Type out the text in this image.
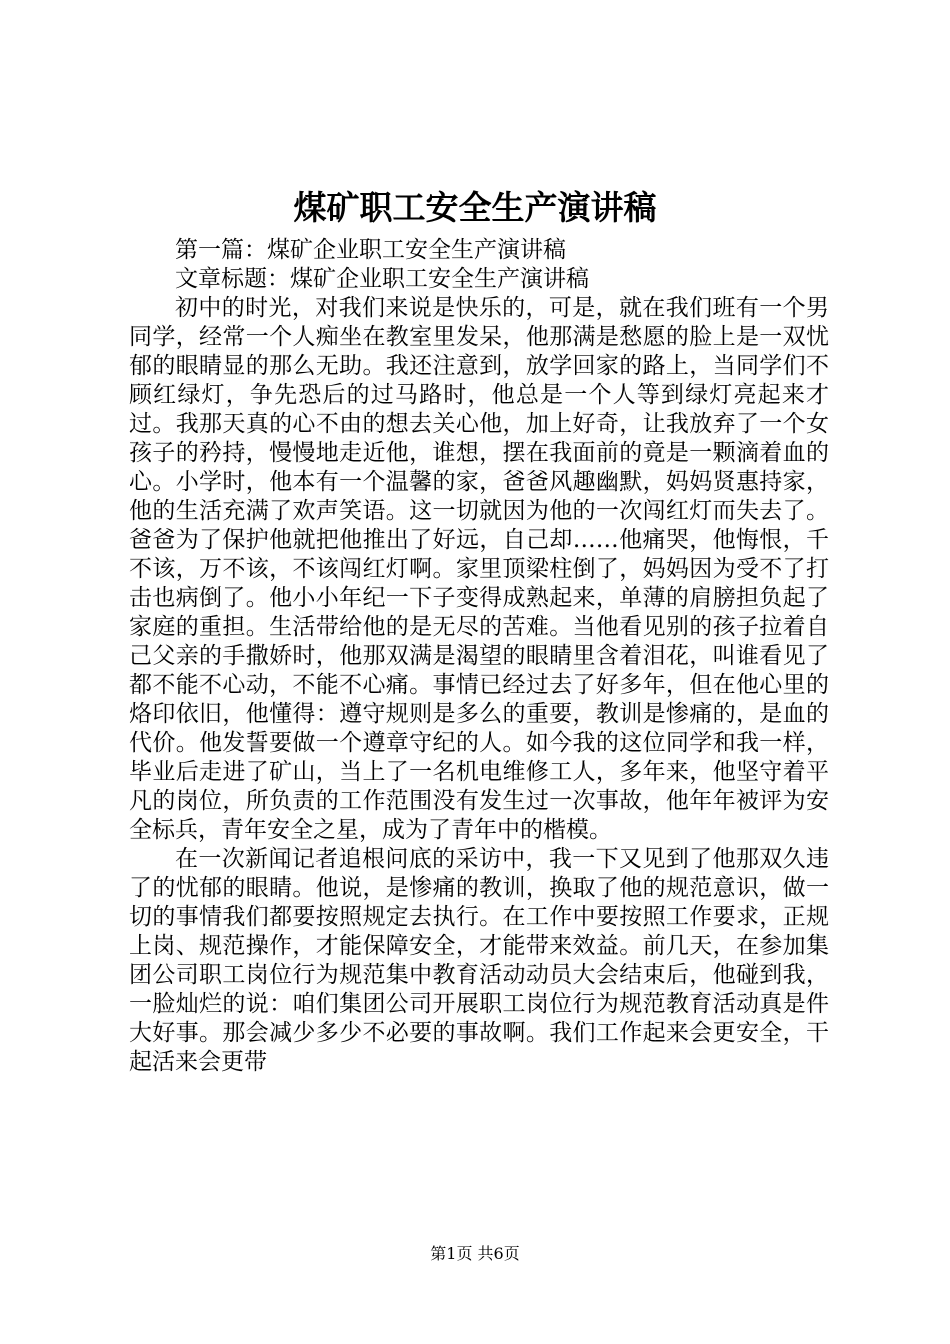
煤矿职工安全生产演讲稿

第一篇：煤矿企业职工安全生产演讲稿

文章标题：煤矿企业职工安全生产演讲稿

初中的时光，对我们来说是快乐的，可是，就在我们班有一个男同学，经常一个人痴坐在教室里发呆，他那满是愁愿的脸上是一双忧郁的眼睛显的那么无助。我还注意到，放学回家的路上，当同学们不顾红绿灯，争先恐后的过马路时，他总是一个人等到绿灯亮起来才过。我那天真的心不由的想去关心他，加上好奇，让我放弃了一个女孩子的矜持，慢慢地走近他，谁想，摆在我面前的竟是一颗滴着血的心。小学时，他本有一个温馨的家，爸爸风趣幽默，妈妈贤惠持家，他的生活充满了欢声笑语。这一切就因为他的一次闯红灯而失去了。爸爸为了保护他就把他推出了好远，自己却……他痛哭，他悔恨，千不该，万不该，不该闯红灯啊。家里顶梁柱倒了，妈妈因为受不了打击也病倒了。他小小年纪一下子变得成熟起来，单薄的肩膀担负起了家庭的重担。生活带给他的是无尽的苦难。当他看见别的孩子拉着自己父亲的手撒娇时，他那双满是渴望的眼睛里含着泪花，叫谁看见了都不能不心动，不能不心痛。事情已经过去了好多年，但在他心里的烙印依旧，他懂得：遵守规则是多么的重要，教训是惨痛的，是血的代价。他发誓要做一个遵章守纪的人。如今我的这位同学和我一样，毕业后走进了矿山，当上了一名机电维修工人，多年来，他坚守着平凡的岗位，所负责的工作范围没有发生过一次事故，他年年被评为安全标兵，青年安全之星，成为了青年中的楷模。

在一次新闻记者追根问底的采访中，我一下又见到了他那双久违了的忧郁的眼睛。他说，是惨痛的教训，换取了他的规范意识，做一切的事情我们都要按照规定去执行。在工作中要按照工作要求，正规上岗、规范操作，才能保障安全，才能带来效益。前几天，在参加集团公司职工岗位行为规范集中教育活动动员大会结束后，他碰到我，一脸灿烂的说：咱们集团公司开展职工岗位行为规范教育活动真是件大好事。那会减少多少不必要的事故啊。我们工作起来会更安全，干起活来会更带

第1页 共6页
